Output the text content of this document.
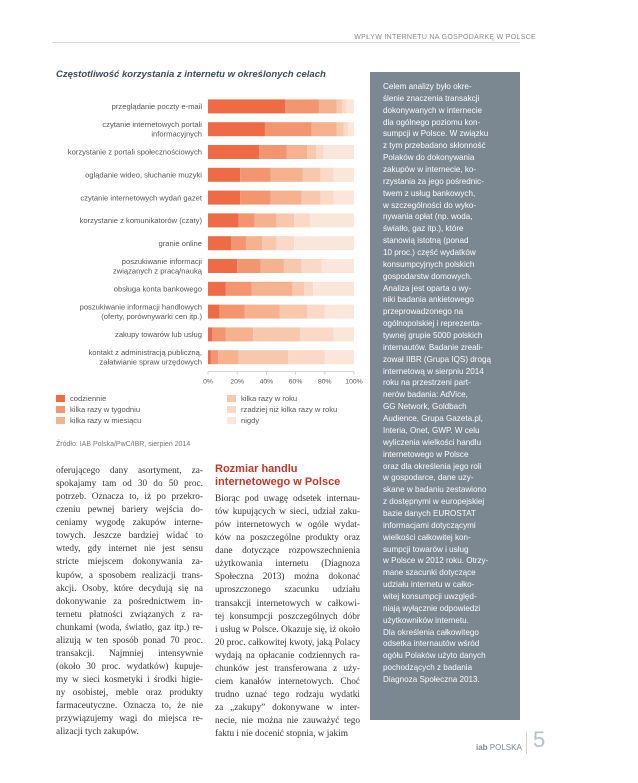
WPŁYW INTERNETU NA GOSPODARKĘ W POLSCE
Częstotliwość korzystania z internetu w określonych celach
przeglądanie poczty e-mail
czytanie internetowych portali
informacyjnych
korzystanie z portali społecznościowych
oglądanie wideo, słuchanie muzyki
czytanie internetowych wydań gazet
korzystanie z komunikatorów (czaty)
granie online
poszukiwanie informacji
związanych z pracą/nauką
obsługa konta bankowego
poszukiwanie informacji handlowych
(oferty, porównywarki cen itp.)
zakupy towarów lub usług
kontakt z administracją publiczną,
załatwianie spraw urzędowych
0%	20% 40% 60% 80% 100%
codziennie
kilka razy w tygodniu
kilka razy w miesiącu
kilka razy w roku
rzadziej niż kilka razy w roku
nigdy
Źródło: IAB Polska/PwC/IBR, sierpień 2014
oferującego dany asortyment, za-
spokajamy tam od 30 do 50 proc.
potrzeb. Oznacza to, iż po przekro-
czeniu pewnej bariery wejścia do-
ceniamy wygodę zakupów interne-
towych. Jeszcze bardziej widać to
wtedy, gdy internet nie jest sensu
stricte miejscem dokonywania za-
kupów, a sposobem realizacji trans-
akcji. Osoby, które decydują się na
dokonywanie za pośrednictwem in-
ternetu płatności związanych z ra-
chunkami (woda, światło, gaz itp.) re-
alizują w ten sposób ponad 70 proc.
transakcji. Najmniej intensywnie
(około 30 proc. wydatków) kupuje-
my w sieci kosmetyki i środki higie-
ny osobistej, meble oraz produkty
farmaceutyczne. Oznacza to, że nie
przywiązujemy wagi do miejsca re-
alizacji tych zakupów.
Rozmiar handlu
internetowego w Polsce
Biorąc pod uwagę odsetek internau-
tów kupujących w sieci, udział zaku-
pów internetowych w ogóle wydat-
ków na poszczególne produkty oraz
dane dotyczące rozpowszechnienia
użytkowania internetu (Diagnoza
Społeczna 2013) można dokonać
uproszczonego szacunku udziału
transakcji internetowych w całkowi-
tej konsumpcji poszczególnych dóbr
i usług w Polsce. Okazuje się, iż około
20 proc. całkowitej kwoty, jaką Polacy
wydają na opłacanie codziennych ra-
chunków jest transferowana z uży-
ciem kanałów internetowych. Choć
trudno uznać tego rodzaju wydatki
za „zakupy” dokonywane w inter-
necie, nie można nie zauważyć tego
faktu i nie docenić stopnia, w jakim
Celem analizy było okre-
ślenie znaczenia transakcji
dokonywanych w internecie
dla ogólnego poziomu kon-
sumpcji w Polsce. W związku
z tym przebadano skłonność
Polaków do dokonywania
zakupów w internecie, ko-
rzystania za jego pośrednic-
twem z usług bankowych,
w szczególności do wyko-
nywania opłat (np. woda,
światło, gaz itp.), które
stanowią istotną (ponad
10 proc.) część wydatków
konsumpcyjnych polskich
gospodarstw domowych.
Analiza jest oparta o wy-
niki badania ankietowego
przeprowadzonego na
ogólnopolskiej i reprezenta-
tywnej grupie 5000 polskich
internautów. Badanie zreali-
zował IIBR (Grupa IQS) drogą
internetową w sierpniu 2014
roku na przestrzeni part-
nerów badania: AdVice,
GG Network, Goldbach
Audience, Grupa Gazeta.pl,
Interia, Onet, GWP. W celu
wyliczenia wielkości handlu
internetowego w Polsce
oraz dla określenia jego roli
w gospodarce, dane uzy-
skane w badaniu zestawiono
z dostępnymi w europejskiej
bazie danych EUROSTAT
informacjami dotyczącymi
wielkości całkowitej kon-
sumpcji towarów i usług
w Polsce w 2012 roku. Otrzy-
mane szacunki dotyczące
udziału internetu w całko-
witej konsumpcji uwzględ-
niają wyłącznie odpowiedzi
użytkowników internetu.
Dla określenia całkowitego
odsetka internautów wśród
ogółu Polaków użyto danych
pochodzących z badania
Diagnoza Społeczna 2013.
iab POLSKA 5
